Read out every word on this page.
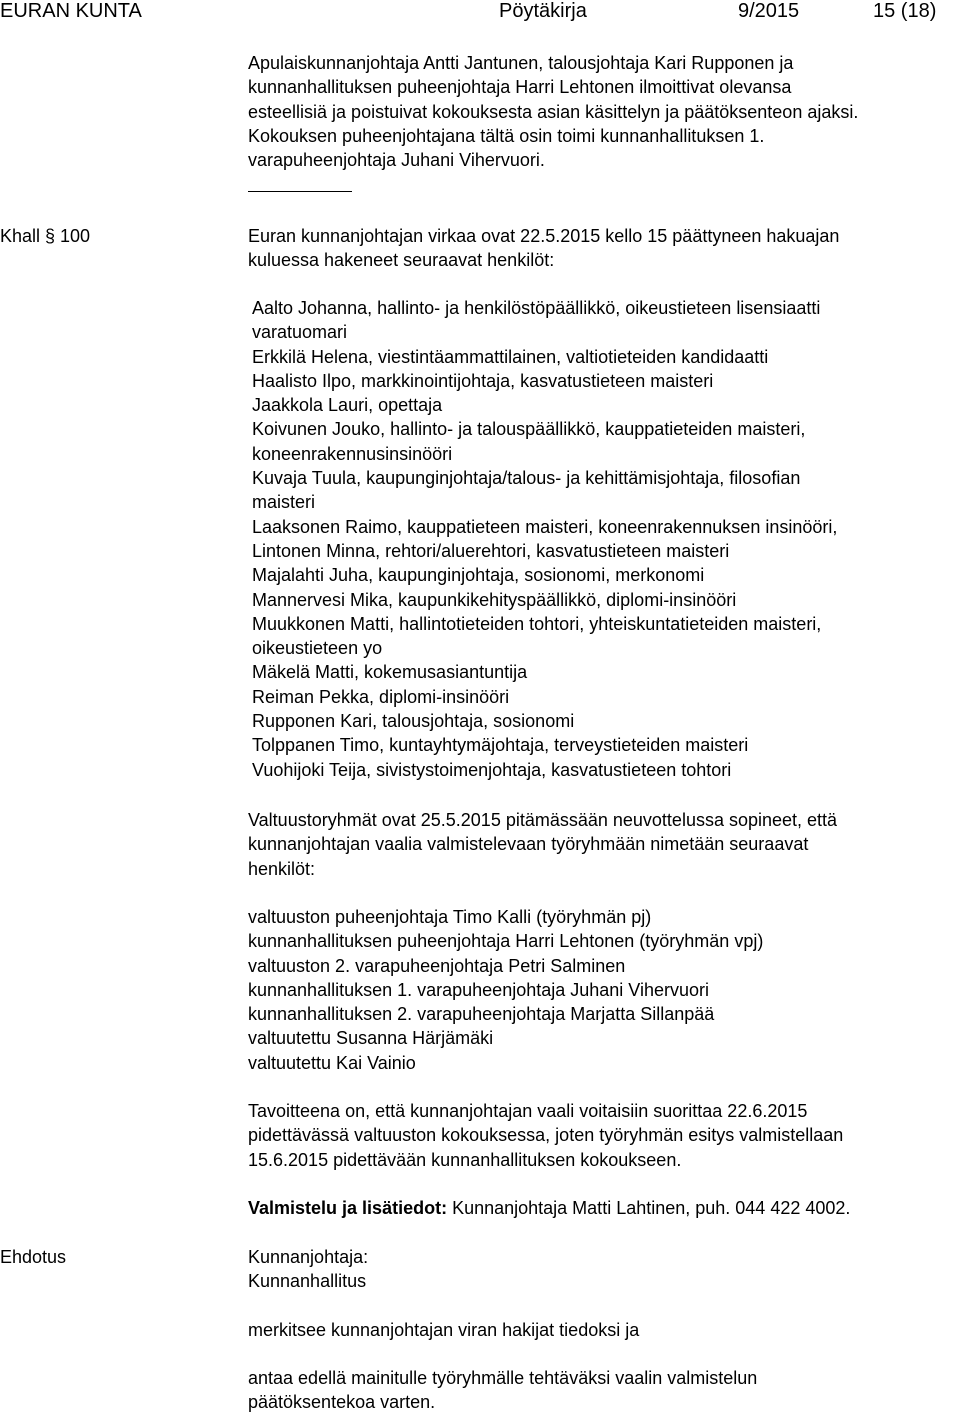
EURAN KUNTA	Pöytäkirja	9/2015	15 (18)
Apulaiskunnanjohtaja Antti Jantunen, talousjohtaja Kari Rupponen ja
kunnanhallituksen puheenjohtaja Harri Lehtonen ilmoittivat olevansa
esteellisiä ja poistuivat kokouksesta asian käsittelyn ja päätöksenteon ajaksi.
Kokouksen puheenjohtajana tältä osin toimi kunnanhallituksen 1.
varapuheenjohtaja Juhani Vihervuori.
Khall § 100	Euran kunnanjohtajan virkaa ovat 22.5.2015 kello 15 päättyneen hakuajan
kuluessa hakeneet seuraavat henkilöt:
Aalto Johanna, hallinto- ja henkilöstöpäällikkö, oikeustieteen lisensiaatti
varatuomari
Erkkilä Helena, viestintäammattilainen, valtiotieteiden kandidaatti
Haalisto Ilpo, markkinointijohtaja, kasvatustieteen maisteri
Jaakkola Lauri, opettaja
Koivunen Jouko, hallinto- ja talouspäällikkö, kauppatieteiden maisteri,
koneenrakennusinsinööri
Kuvaja Tuula, kaupunginjohtaja/talous- ja kehittämisjohtaja, filosofian
maisteri
Laaksonen Raimo, kauppatieteen maisteri, koneenrakennuksen insinööri,
Lintonen Minna, rehtori/aluerehtori, kasvatustieteen maisteri
Majalahti Juha, kaupunginjohtaja, sosionomi, merkonomi
Mannervesi Mika, kaupunkikehityspäällikkö, diplomi-insinööri
Muukkonen Matti, hallintotieteiden tohtori, yhteiskuntatieteiden maisteri,
oikeustieteen yo
Mäkelä Matti, kokemusasiantuntija
Reiman Pekka, diplomi-insinööri
Rupponen Kari, talousjohtaja, sosionomi
Tolppanen Timo, kuntayhtymäjohtaja, terveystieteiden maisteri
Vuohijoki Teija, sivistystoimenjohtaja, kasvatustieteen tohtori
Valtuustoryhmät ovat 25.5.2015 pitämässään neuvottelussa sopineet, että
kunnanjohtajan vaalia valmistelevaan työryhmään nimetään seuraavat
henkilöt:
valtuuston puheenjohtaja Timo Kalli (työryhmän pj)
kunnanhallituksen puheenjohtaja Harri Lehtonen (työryhmän vpj)
valtuuston 2. varapuheenjohtaja Petri Salminen
kunnanhallituksen 1. varapuheenjohtaja Juhani Vihervuori
kunnanhallituksen 2. varapuheenjohtaja Marjatta Sillanpää
valtuutettu Susanna Härjämäki
valtuutettu Kai Vainio
Tavoitteena on, että kunnanjohtajan vaali voitaisiin suorittaa 22.6.2015
pidettävässä valtuuston kokouksessa, joten työryhmän esitys valmistellaan
15.6.2015 pidettävään kunnanhallituksen kokoukseen.
Valmistelu ja lisätiedot: Kunnanjohtaja Matti Lahtinen, puh. 044 422 4002.
Ehdotus	Kunnanjohtaja:
Kunnanhallitus
merkitsee kunnanjohtajan viran hakijat tiedoksi ja
antaa edellä mainitulle työryhmälle tehtäväksi vaalin valmistelun
päätöksentekoa varten.
